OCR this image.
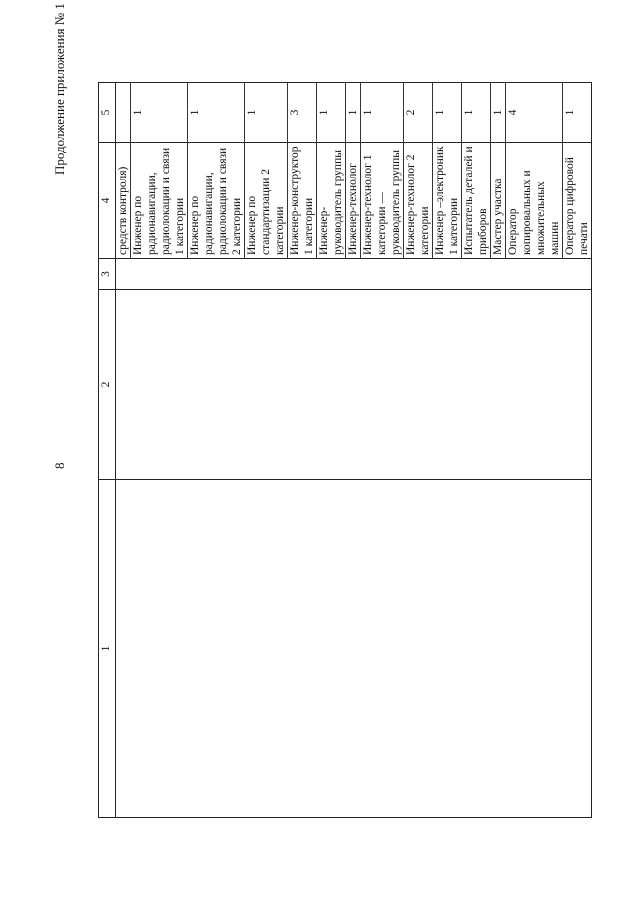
8
Продолжение приложения № 1
1	2	3	4	5
			средств контроля)	
			Инженер по радионавигации, радиолокации и связи 1 категории	1
			Инженер по радионавигации, радиолокации и связи 2 категории	1
			Инженер по стандартизации 2 категории	1
			Инженер-конструктор 1 категории	3
			Инженер-руководитель группы	1
			Инженер-технолог	1
			Инженер-технолог 1 категории — руководитель группы	1
			Инженер-технолог 2 категории	2
			Инженер –электроник 1 категории	1
			Испытатель деталей и приборов	1
			Мастер участка	1
			Оператор копировальных и множительных машин	4
			Оператор цифровой печати	1
